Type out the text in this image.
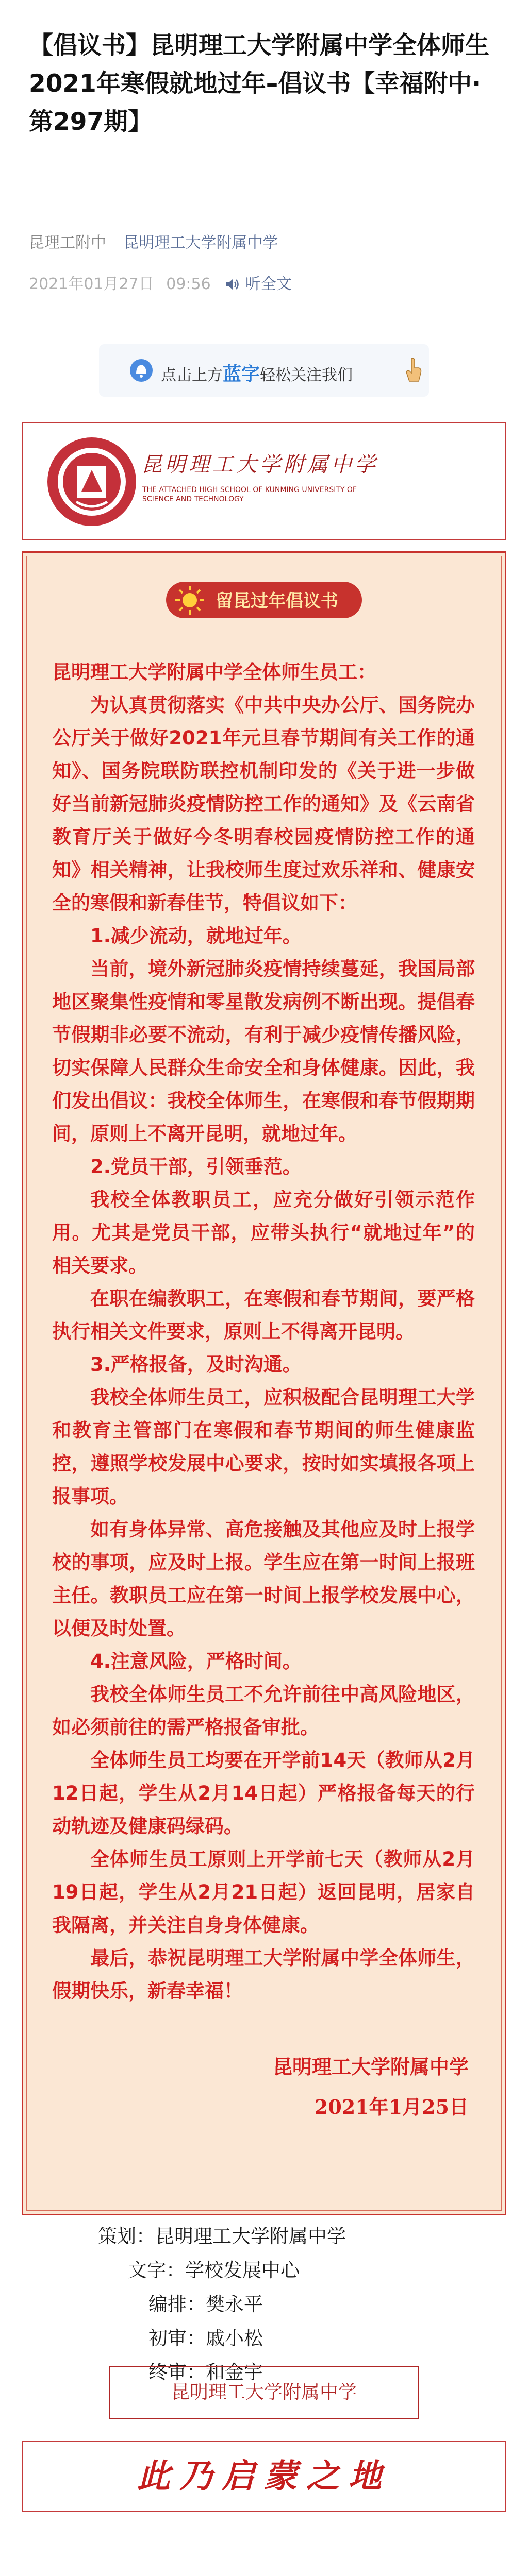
【倡议书】昆明理工大学附属中学全体师生2021年寒假就地过年–倡议书【幸福附中·第297期】
昆理工附中 昆明理工大学附属中学
2021年01月27日 09:56 听全文
点击上方蓝字轻松关注我们
昆明理工大学附属中学
THE ATTACHED HIGH SCHOOL OF KUNMING UNIVERSITY OF SCIENCE AND TECHNOLOGY
留昆过年倡议书

昆明理工大学附属中学全体师生员工：

为认真贯彻落实《中共中央办公厅、国务院办公厅关于做好2021年元旦春节期间有关工作的通知》、国务院联防联控机制印发的《关于进一步做好当前新冠肺炎疫情防控工作的通知》及《云南省教育厅关于做好今冬明春校园疫情防控工作的通知》相关精神，让我校师生度过欢乐祥和、健康安全的寒假和新春佳节，特倡议如下：

1.减少流动，就地过年。

当前，境外新冠肺炎疫情持续蔓延，我国局部地区聚集性疫情和零星散发病例不断出现。提倡春节假期非必要不流动，有利于减少疫情传播风险，切实保障人民群众生命安全和身体健康。因此，我们发出倡议：我校全体师生，在寒假和春节假期期间，原则上不离开昆明，就地过年。

2.党员干部，引领垂范。

我校全体教职员工，应充分做好引领示范作用。尤其是党员干部，应带头执行“就地过年”的相关要求。

在职在编教职工，在寒假和春节期间，要严格执行相关文件要求，原则上不得离开昆明。

3.严格报备，及时沟通。

我校全体师生员工，应积极配合昆明理工大学和教育主管部门在寒假和春节期间的师生健康监控，遵照学校发展中心要求，按时如实填报各项上报事项。

如有身体异常、高危接触及其他应及时上报学校的事项，应及时上报。学生应在第一时间上报班主任。教职员工应在第一时间上报学校发展中心，以便及时处置。

4.注意风险，严格时间。

我校全体师生员工不允许前往中高风险地区，如必须前往的需严格报备审批。

全体师生员工均要在开学前14天（教师从2月12日起，学生从2月14日起）严格报备每天的行动轨迹及健康码绿码。

全体师生员工原则上开学前七天（教师从2月19日起，学生从2月21日起）返回昆明，居家自我隔离，并关注自身身体健康。

最后，恭祝昆明理工大学附属中学全体师生，假期快乐，新春幸福！

昆明理工大学附属中学
2021年1月25日
策划：昆明理工大学附属中学
文字：学校发展中心
编排：樊永平
初审：戚小松
终审：和金宇
昆明理工大学附属中学
此乃启蒙之地
